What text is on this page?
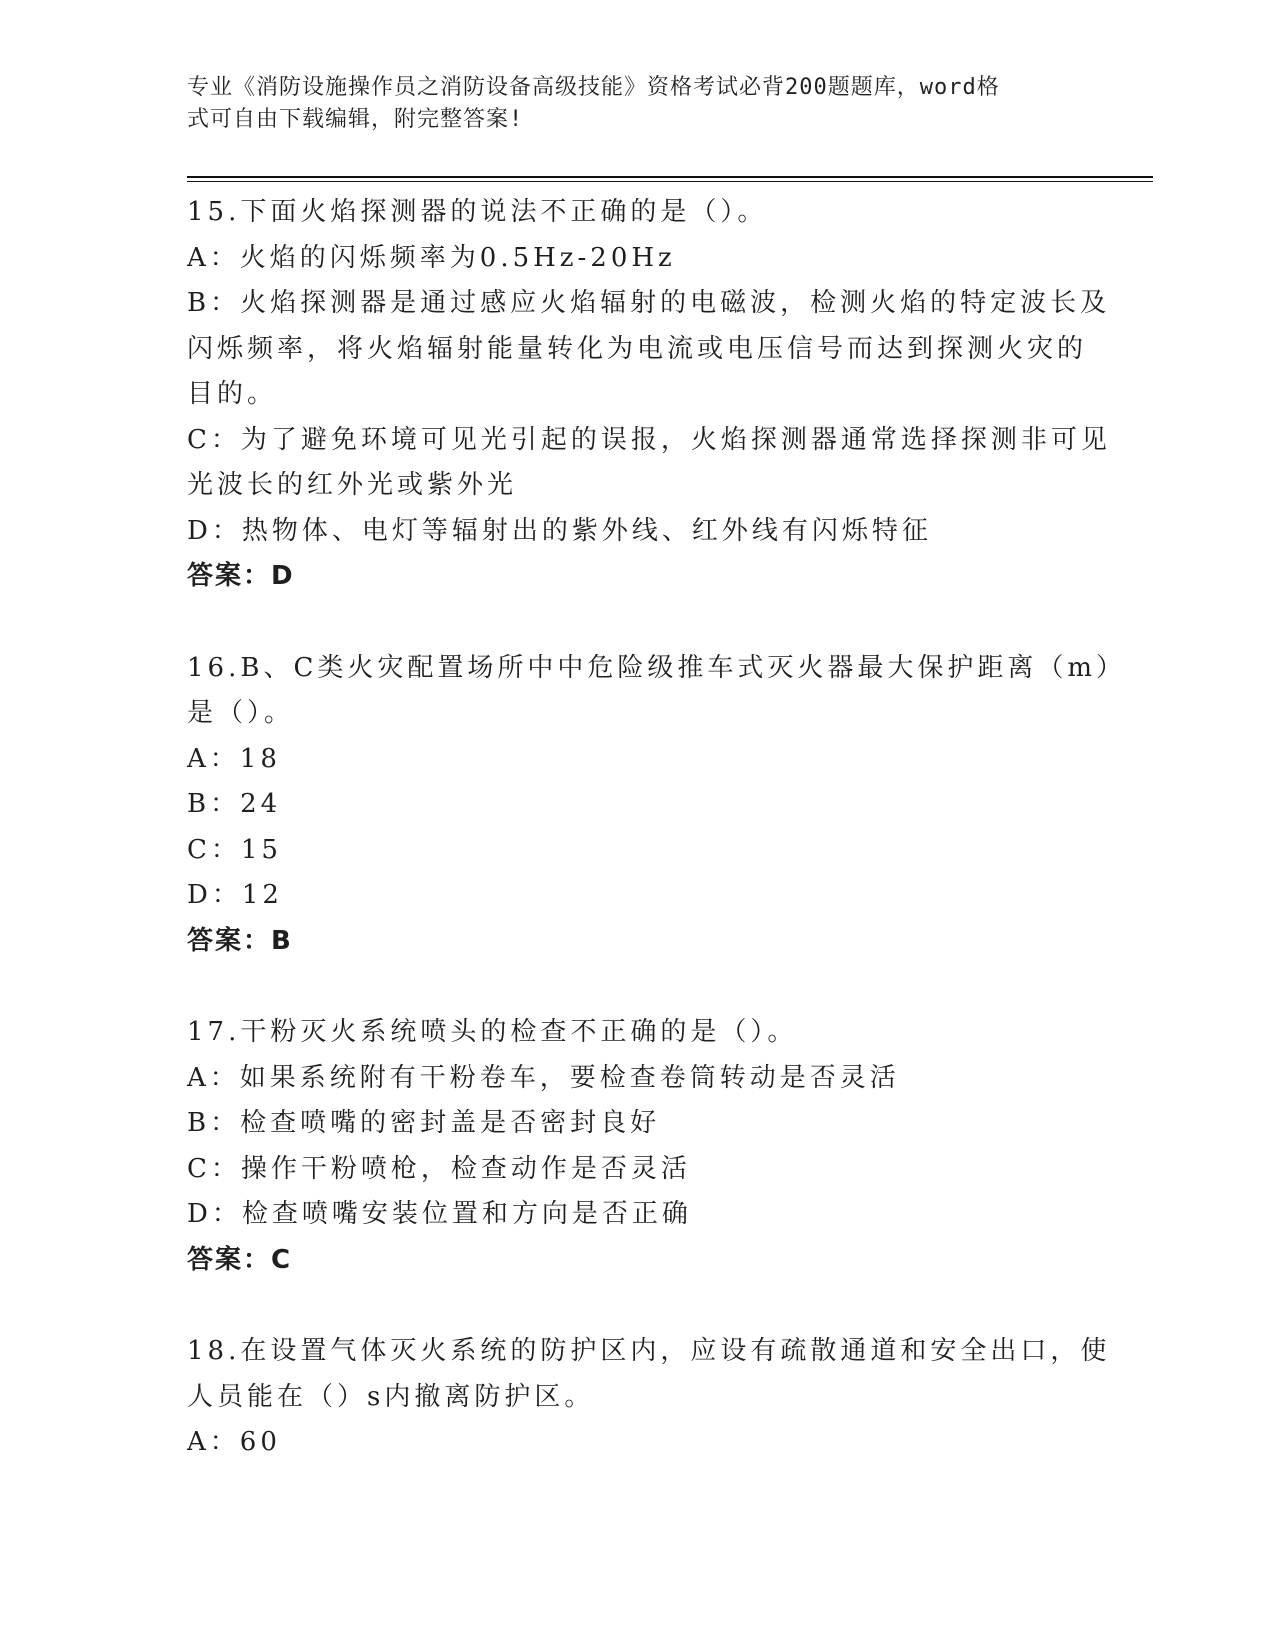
专业《消防设施操作员之消防设备高级技能》资格考试必背200题题库，word格
式可自由下载编辑，附完整答案!
15.下面火焰探测器的说法不正确的是（）。
A：火焰的闪烁频率为0.5Hz-20Hz
B：火焰探测器是通过感应火焰辐射的电磁波，检测火焰的特定波长及
闪烁频率，将火焰辐射能量转化为电流或电压信号而达到探测火灾的
目的。
C：为了避免环境可见光引起的误报，火焰探测器通常选择探测非可见
光波长的红外光或紫外光
D：热物体、电灯等辐射出的紫外线、红外线有闪烁特征
答案：D
16.B、C类火灾配置场所中中危险级推车式灭火器最大保护距离（m）
是（）。
A：18
B：24
C：15
D：12
答案：B
17.干粉灭火系统喷头的检查不正确的是（）。
A：如果系统附有干粉卷车，要检查卷筒转动是否灵活
B：检查喷嘴的密封盖是否密封良好
C：操作干粉喷枪，检查动作是否灵活
D：检查喷嘴安装位置和方向是否正确
答案：C
18.在设置气体灭火系统的防护区内，应设有疏散通道和安全出口，使
人员能在（）s内撤离防护区。
A：60
